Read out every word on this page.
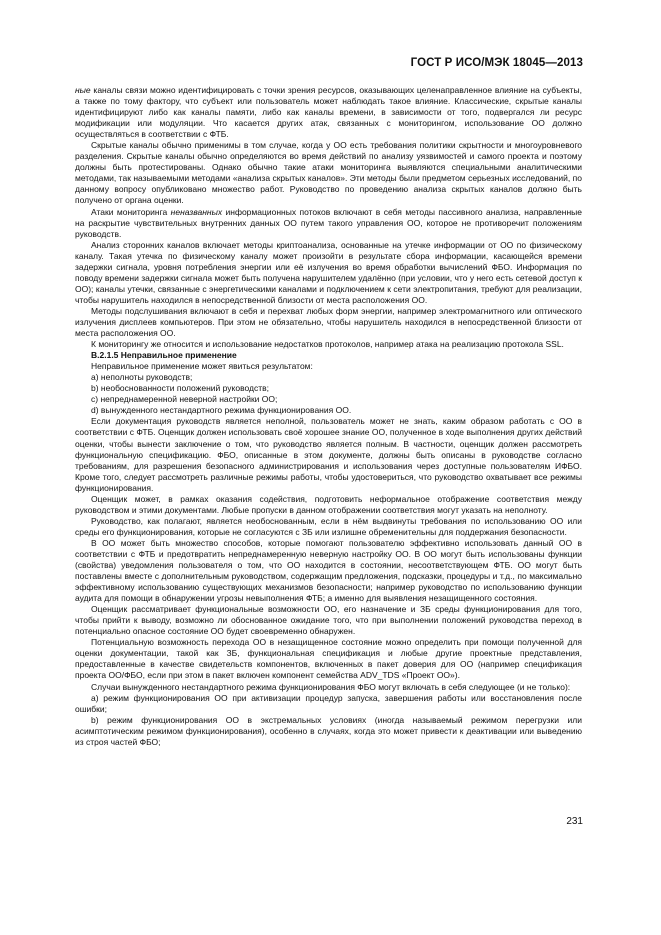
ГОСТ Р ИСО/МЭК 18045—2013

ные каналы связи можно идентифицировать с точки зрения ресурсов, оказывающих целенаправленное влияние на субъекты, а также по тому фактору, что субъект или пользователь может наблюдать такое влияние. Классические, скрытые каналы идентифицируют либо как каналы памяти, либо как каналы времени, в зависимости от того, подвергался ли ресурс модификации или модуляции. Что касается других атак, связанных с мониторингом, использование ОО должно осуществляться в соответствии с ФТБ.

Скрытые каналы обычно применимы в том случае, когда у ОО есть требования политики скрытности и многоуровневого разделения. Скрытые каналы обычно определяются во время действий по анализу уязвимостей и самого проекта и поэтому должны быть протестированы. Однако обычно такие атаки мониторинга выявляются специальными аналитическими методами, так называемыми методами «анализа скрытых каналов». Эти методы были предметом серьезных исследований, по данному вопросу опубликовано множество работ. Руководство по проведению анализа скрытых каналов должно быть получено от органа оценки.

Атаки мониторинга неназванных информационных потоков включают в себя методы пассивного анализа, направленные на раскрытие чувствительных внутренних данных ОО путем такого управления ОО, которое не противоречит положениям руководств.

Анализ сторонних каналов включает методы криптоанализа, основанные на утечке информации от ОО по физическому каналу. Такая утечка по физическому каналу может произойти в результате сбора информации, касающейся времени задержки сигнала, уровня потребления энергии или её излучения во время обработки вычислений ФБО. Информация по поводу времени задержки сигнала может быть получена нарушителем удалённо (при условии, что у него есть сетевой доступ к ОО); каналы утечки, связанные с энергетическими каналами и подключением к сети электропитания, требуют для реализации, чтобы нарушитель находился в непосредственной близости от места расположения ОО.

Методы подслушивания включают в себя и перехват любых форм энергии, например электромагнитного или оптического излучения дисплеев компьютеров. При этом не обязательно, чтобы нарушитель находился в непосредственной близости от места расположения ОО.

К мониторингу же относится и использование недостатков протоколов, например атака на реализацию протокола SSL.

В.2.1.5 Неправильное применение

Неправильное применение может явиться результатом:

a) неполноты руководств;

b) необоснованности положений руководств;

c) непреднамеренной неверной настройки ОО;

d) вынужденного нестандартного режима функционирования ОО.

Если документация руководств является неполной, пользователь может не знать, каким образом работать с ОО в соответствии с ФТБ. Оценщик должен использовать своё хорошее знание ОО, полученное в ходе выполнения других действий оценки, чтобы вынести заключение о том, что руководство является полным. В частности, оценщик должен рассмотреть функциональную спецификацию. ФБО, описанные в этом документе, должны быть описаны в руководстве согласно требованиям, для разрешения безопасного администрирования и использования через доступные пользователям ИФБО. Кроме того, следует рассмотреть различные режимы работы, чтобы удостовериться, что руководство охватывает все режимы функционирования.

Оценщик может, в рамках оказания содействия, подготовить неформальное отображение соответствия между руководством и этими документами. Любые пропуски в данном отображении соответствия могут указать на неполноту.

Руководство, как полагают, является необоснованным, если в нём выдвинуты требования по использованию ОО или среды его функционирования, которые не согласуются с ЗБ или излишне обременительны для поддержания безопасности.

В ОО может быть множество способов, которые помогают пользователю эффективно использовать данный ОО в соответствии с ФТБ и предотвратить непреднамеренную неверную настройку ОО. В ОО могут быть использованы функции (свойства) уведомления пользователя о том, что ОО находится в состоянии, несоответствующем ФТБ. ОО могут быть поставлены вместе с дополнительным руководством, содержащим предложения, подсказки, процедуры и т.д., по максимально эффективному использованию существующих механизмов безопасности; например руководство по использованию функции аудита для помощи в обнаружении угрозы невыполнения ФТБ; а именно для выявления незащищенного состояния.

Оценщик рассматривает функциональные возможности ОО, его назначение и ЗБ среды функционирования для того, чтобы прийти к выводу, возможно ли обоснованное ожидание того, что при выполнении положений руководства переход в потенциально опасное состояние ОО будет своевременно обнаружен.

Потенциальную возможность перехода ОО в незащищенное состояние можно определить при помощи полученной для оценки документации, такой как ЗБ, функциональная спецификация и любые другие проектные представления, предоставленные в качестве свидетельств компонентов, включенных в пакет доверия для ОО (например спецификация проекта ОО/ФБО, если при этом в пакет включен компонент семейства ADV_TDS «Проект ОО»).

Случаи вынужденного нестандартного режима функционирования ФБО могут включать в себя следующее (и не только):

a) режим функционирования ОО при активизации процедур запуска, завершения работы или восстановления после ошибки;

b) режим функционирования ОО в экстремальных условиях (иногда называемый режимом перегрузки или асимптотическим режимом функционирования), особенно в случаях, когда это может привести к деактивации или выведению из строя частей ФБО;

231
